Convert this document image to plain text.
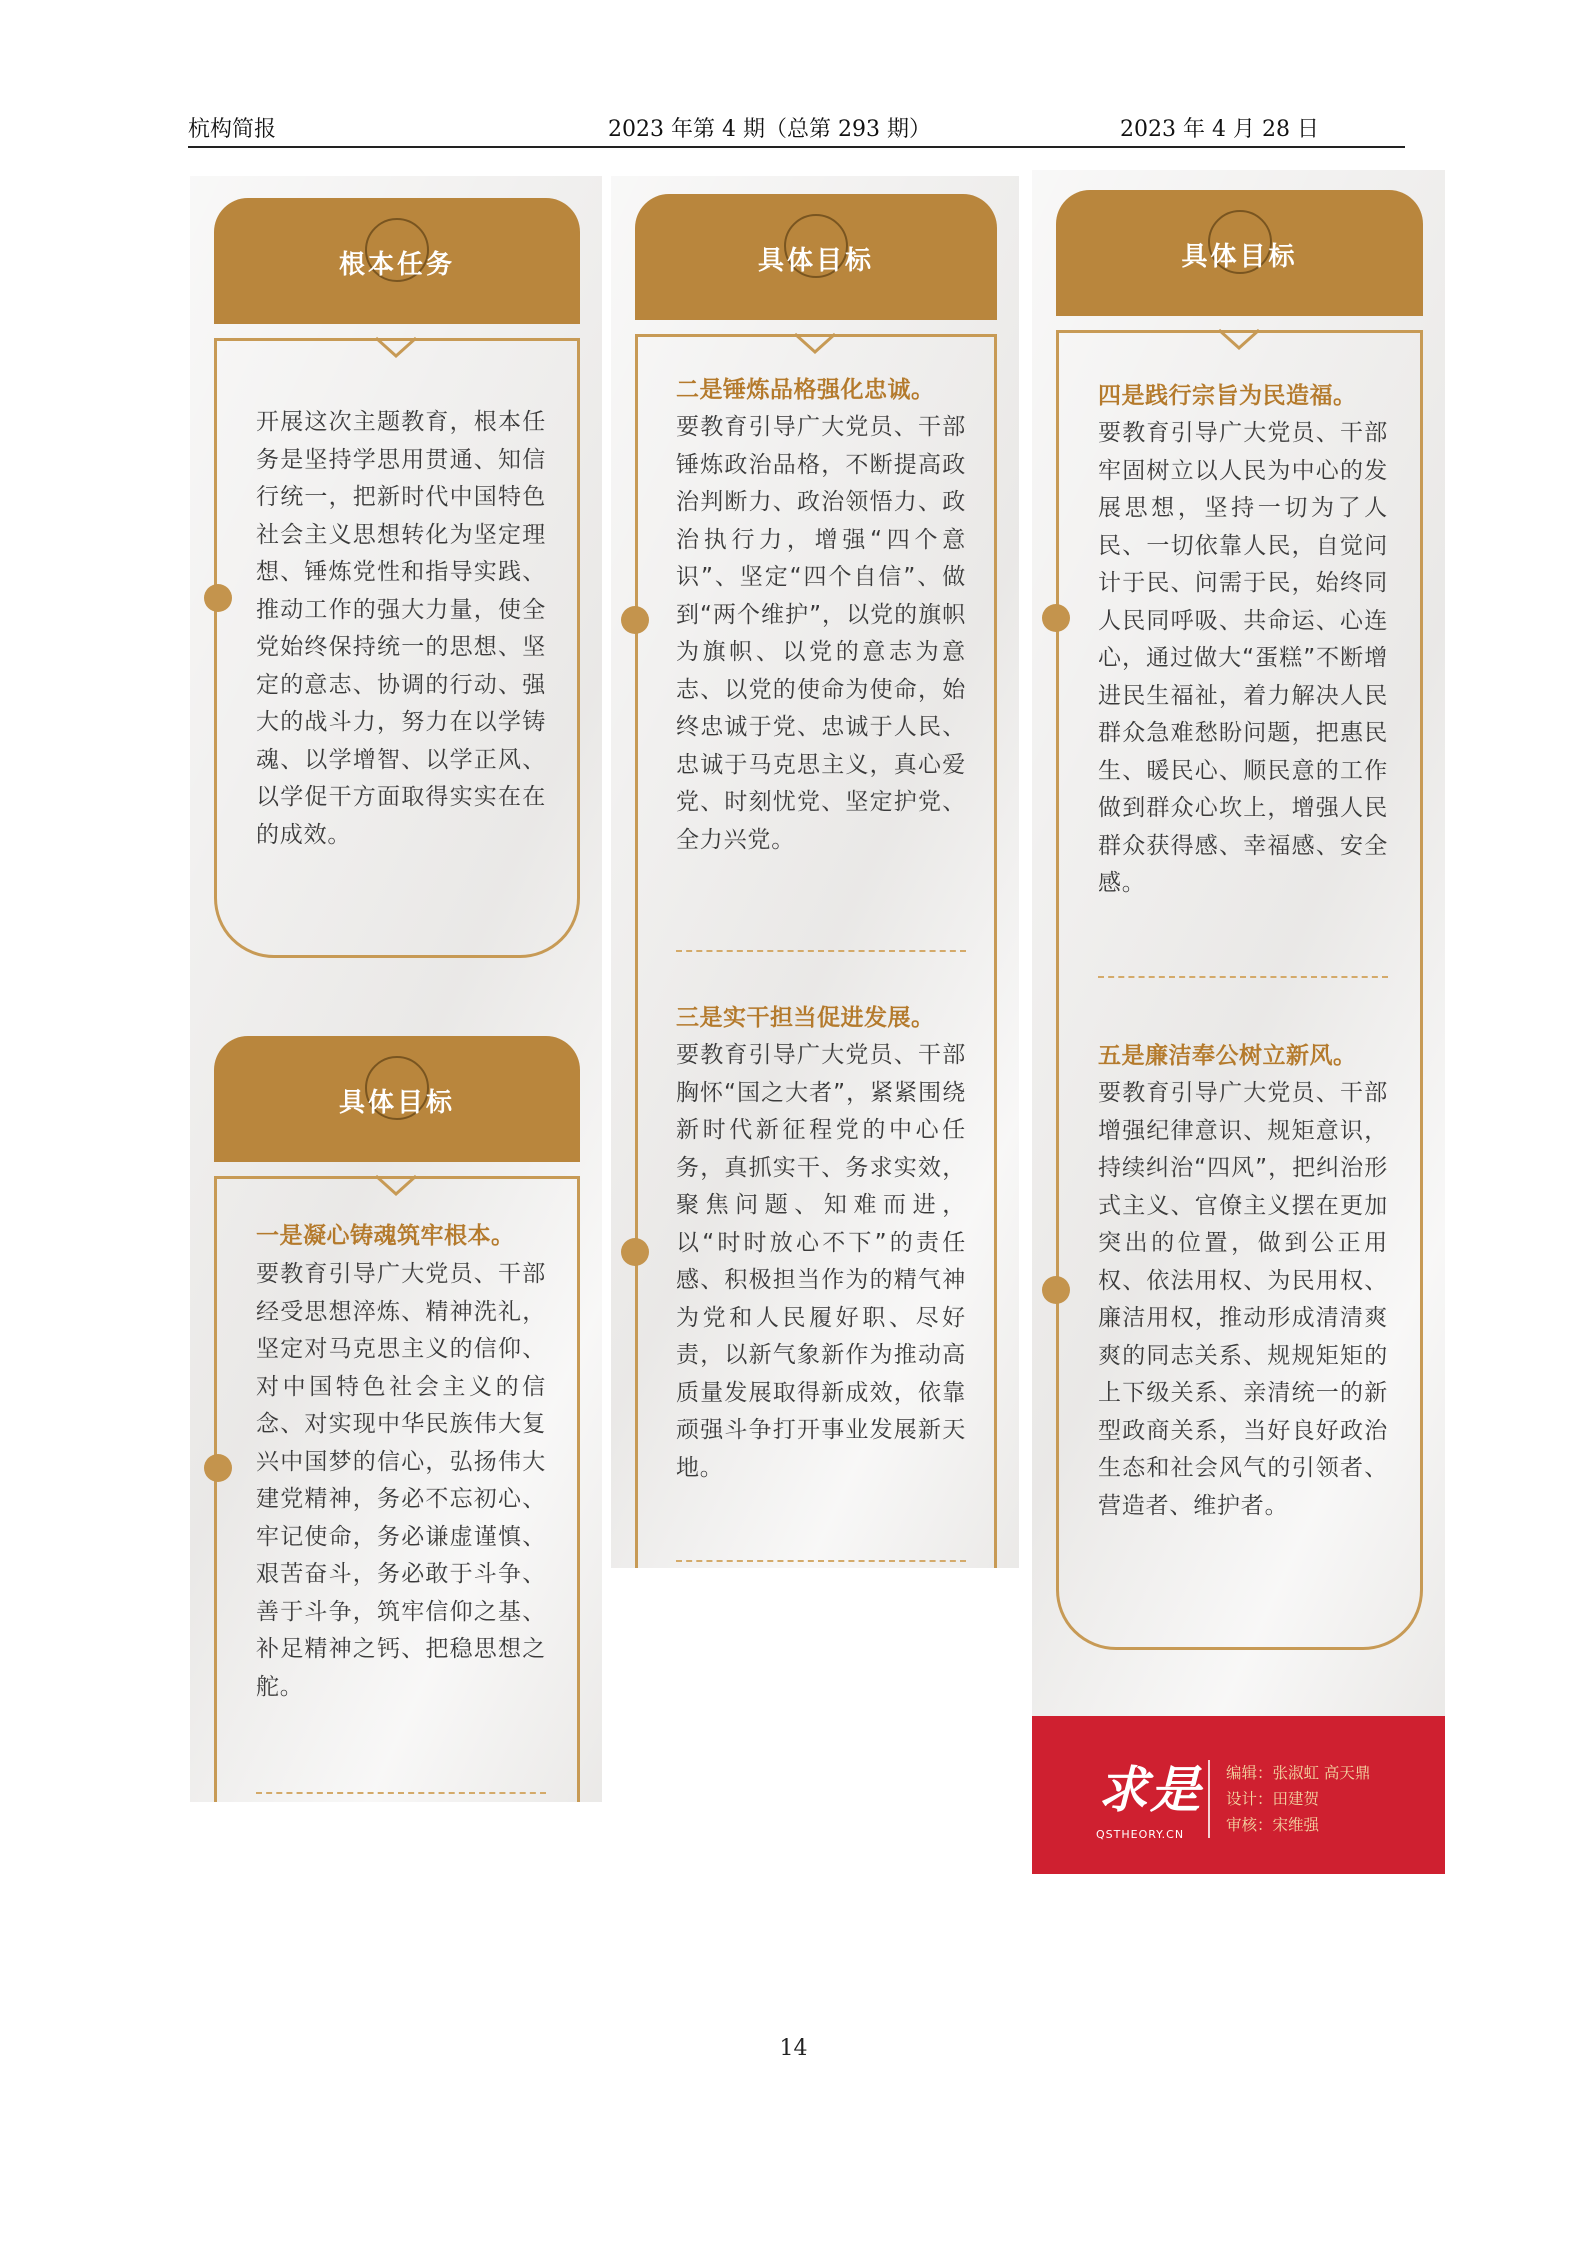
杭构简报	2023 年第 4 期（总第 293 期）	2023 年 4 月 28 日
根本任务
开展这次主题教育，根本任务是坚持学思用贯通、知信行统一，把新时代中国特色社会主义思想转化为坚定理想、锤炼党性和指导实践、推动工作的强大力量，使全党始终保持统一的思想、坚定的意志、协调的行动、强大的战斗力，努力在以学铸魂、以学增智、以学正风、以学促干方面取得实实在在的成效。
具体目标
一是凝心铸魂筑牢根本。
要教育引导广大党员、干部经受思想淬炼、精神洗礼，坚定对马克思主义的信仰、对中国特色社会主义的信念、对实现中华民族伟大复兴中国梦的信心，弘扬伟大建党精神，务必不忘初心、牢记使命，务必谦虚谨慎、艰苦奋斗，务必敢于斗争、善于斗争，筑牢信仰之基、补足精神之钙、把稳思想之舵。
具体目标
二是锤炼品格强化忠诚。
要教育引导广大党员、干部锤炼政治品格，不断提高政治判断力、政治领悟力、政治执行力，增强“四个意识”、坚定“四个自信”、做到“两个维护”，以党的旗帜为旗帜、以党的意志为意志、以党的使命为使命，始终忠诚于党、忠诚于人民、忠诚于马克思主义，真心爱党、时刻忧党、坚定护党、全力兴党。
三是实干担当促进发展。
要教育引导广大党员、干部胸怀“国之大者”，紧紧围绕新时代新征程党的中心任务，真抓实干、务求实效，聚焦问题、知难而进，以“时时放心不下”的责任感、积极担当作为的精气神为党和人民履好职、尽好责，以新气象新作为推动高质量发展取得新成效，依靠顽强斗争打开事业发展新天地。
具体目标
四是践行宗旨为民造福。
要教育引导广大党员、干部牢固树立以人民为中心的发展思想，坚持一切为了人民、一切依靠人民，自觉问计于民、问需于民，始终同人民同呼吸、共命运、心连心，通过做大“蛋糕”不断增进民生福祉，着力解决人民群众急难愁盼问题，把惠民生、暖民心、顺民意的工作做到群众心坎上，增强人民群众获得感、幸福感、安全感。
五是廉洁奉公树立新风。
要教育引导广大党员、干部增强纪律意识、规矩意识，持续纠治“四风”，把纠治形式主义、官僚主义摆在更加突出的位置，做到公正用权、依法用权、为民用权、廉洁用权，推动形成清清爽爽的同志关系、规规矩矩的上下级关系、亲清统一的新型政商关系，当好良好政治生态和社会风气的引领者、营造者、维护者。
求是
QSTHEORY.CN
编辑：张淑虹 高天鼎
设计：田建贺
审核：宋维强
14
